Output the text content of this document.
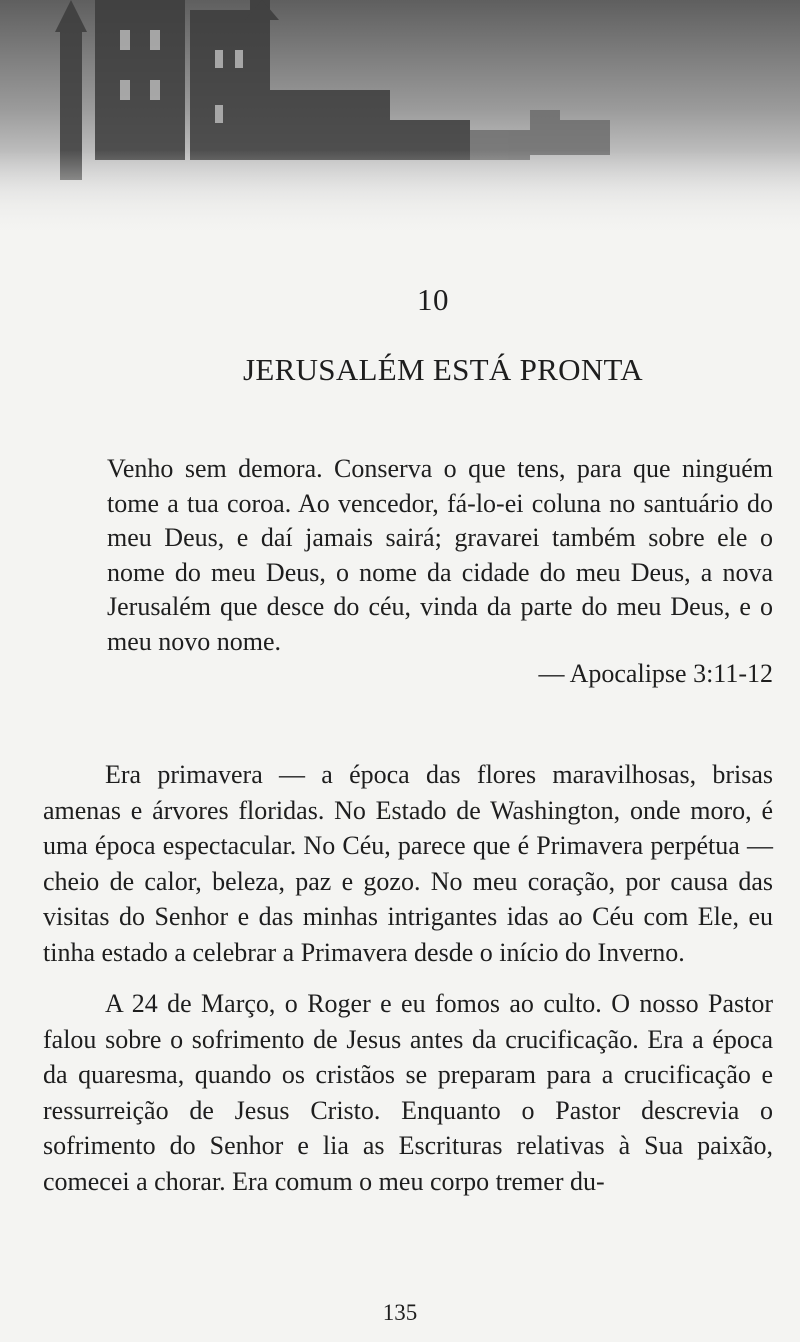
10
JERUSALÉM ESTÁ PRONTA
Venho sem demora. Conserva o que tens, para que ninguém tome a tua coroa. Ao vencedor, fá-lo-ei coluna no santuário do meu Deus, e daí jamais sairá; gravarei também sobre ele o nome do meu Deus, o nome da cidade do meu Deus, a nova Jerusalém que desce do céu, vinda da parte do meu Deus, e o meu novo nome.
— Apocalipse 3:11-12

Era primavera — a época das flores maravilhosas, brisas amenas e árvores floridas. No Estado de Washington, onde moro, é uma época espectacular. No Céu, parece que é Primavera perpétua — cheio de calor, beleza, paz e gozo. No meu coração, por causa das visitas do Senhor e das minhas intrigantes idas ao Céu com Ele, eu tinha estado a celebrar a Primavera desde o início do Inverno.

A 24 de Março, o Roger e eu fomos ao culto. O nosso Pastor falou sobre o sofrimento de Jesus antes da crucificação. Era a época da quaresma, quando os cristãos se preparam para a crucificação e ressurreição de Jesus Cristo. Enquanto o Pastor descrevia o sofrimento do Senhor e lia as Escrituras relativas à Sua paixão, comecei a chorar. Era comum o meu corpo tremer du-

135
